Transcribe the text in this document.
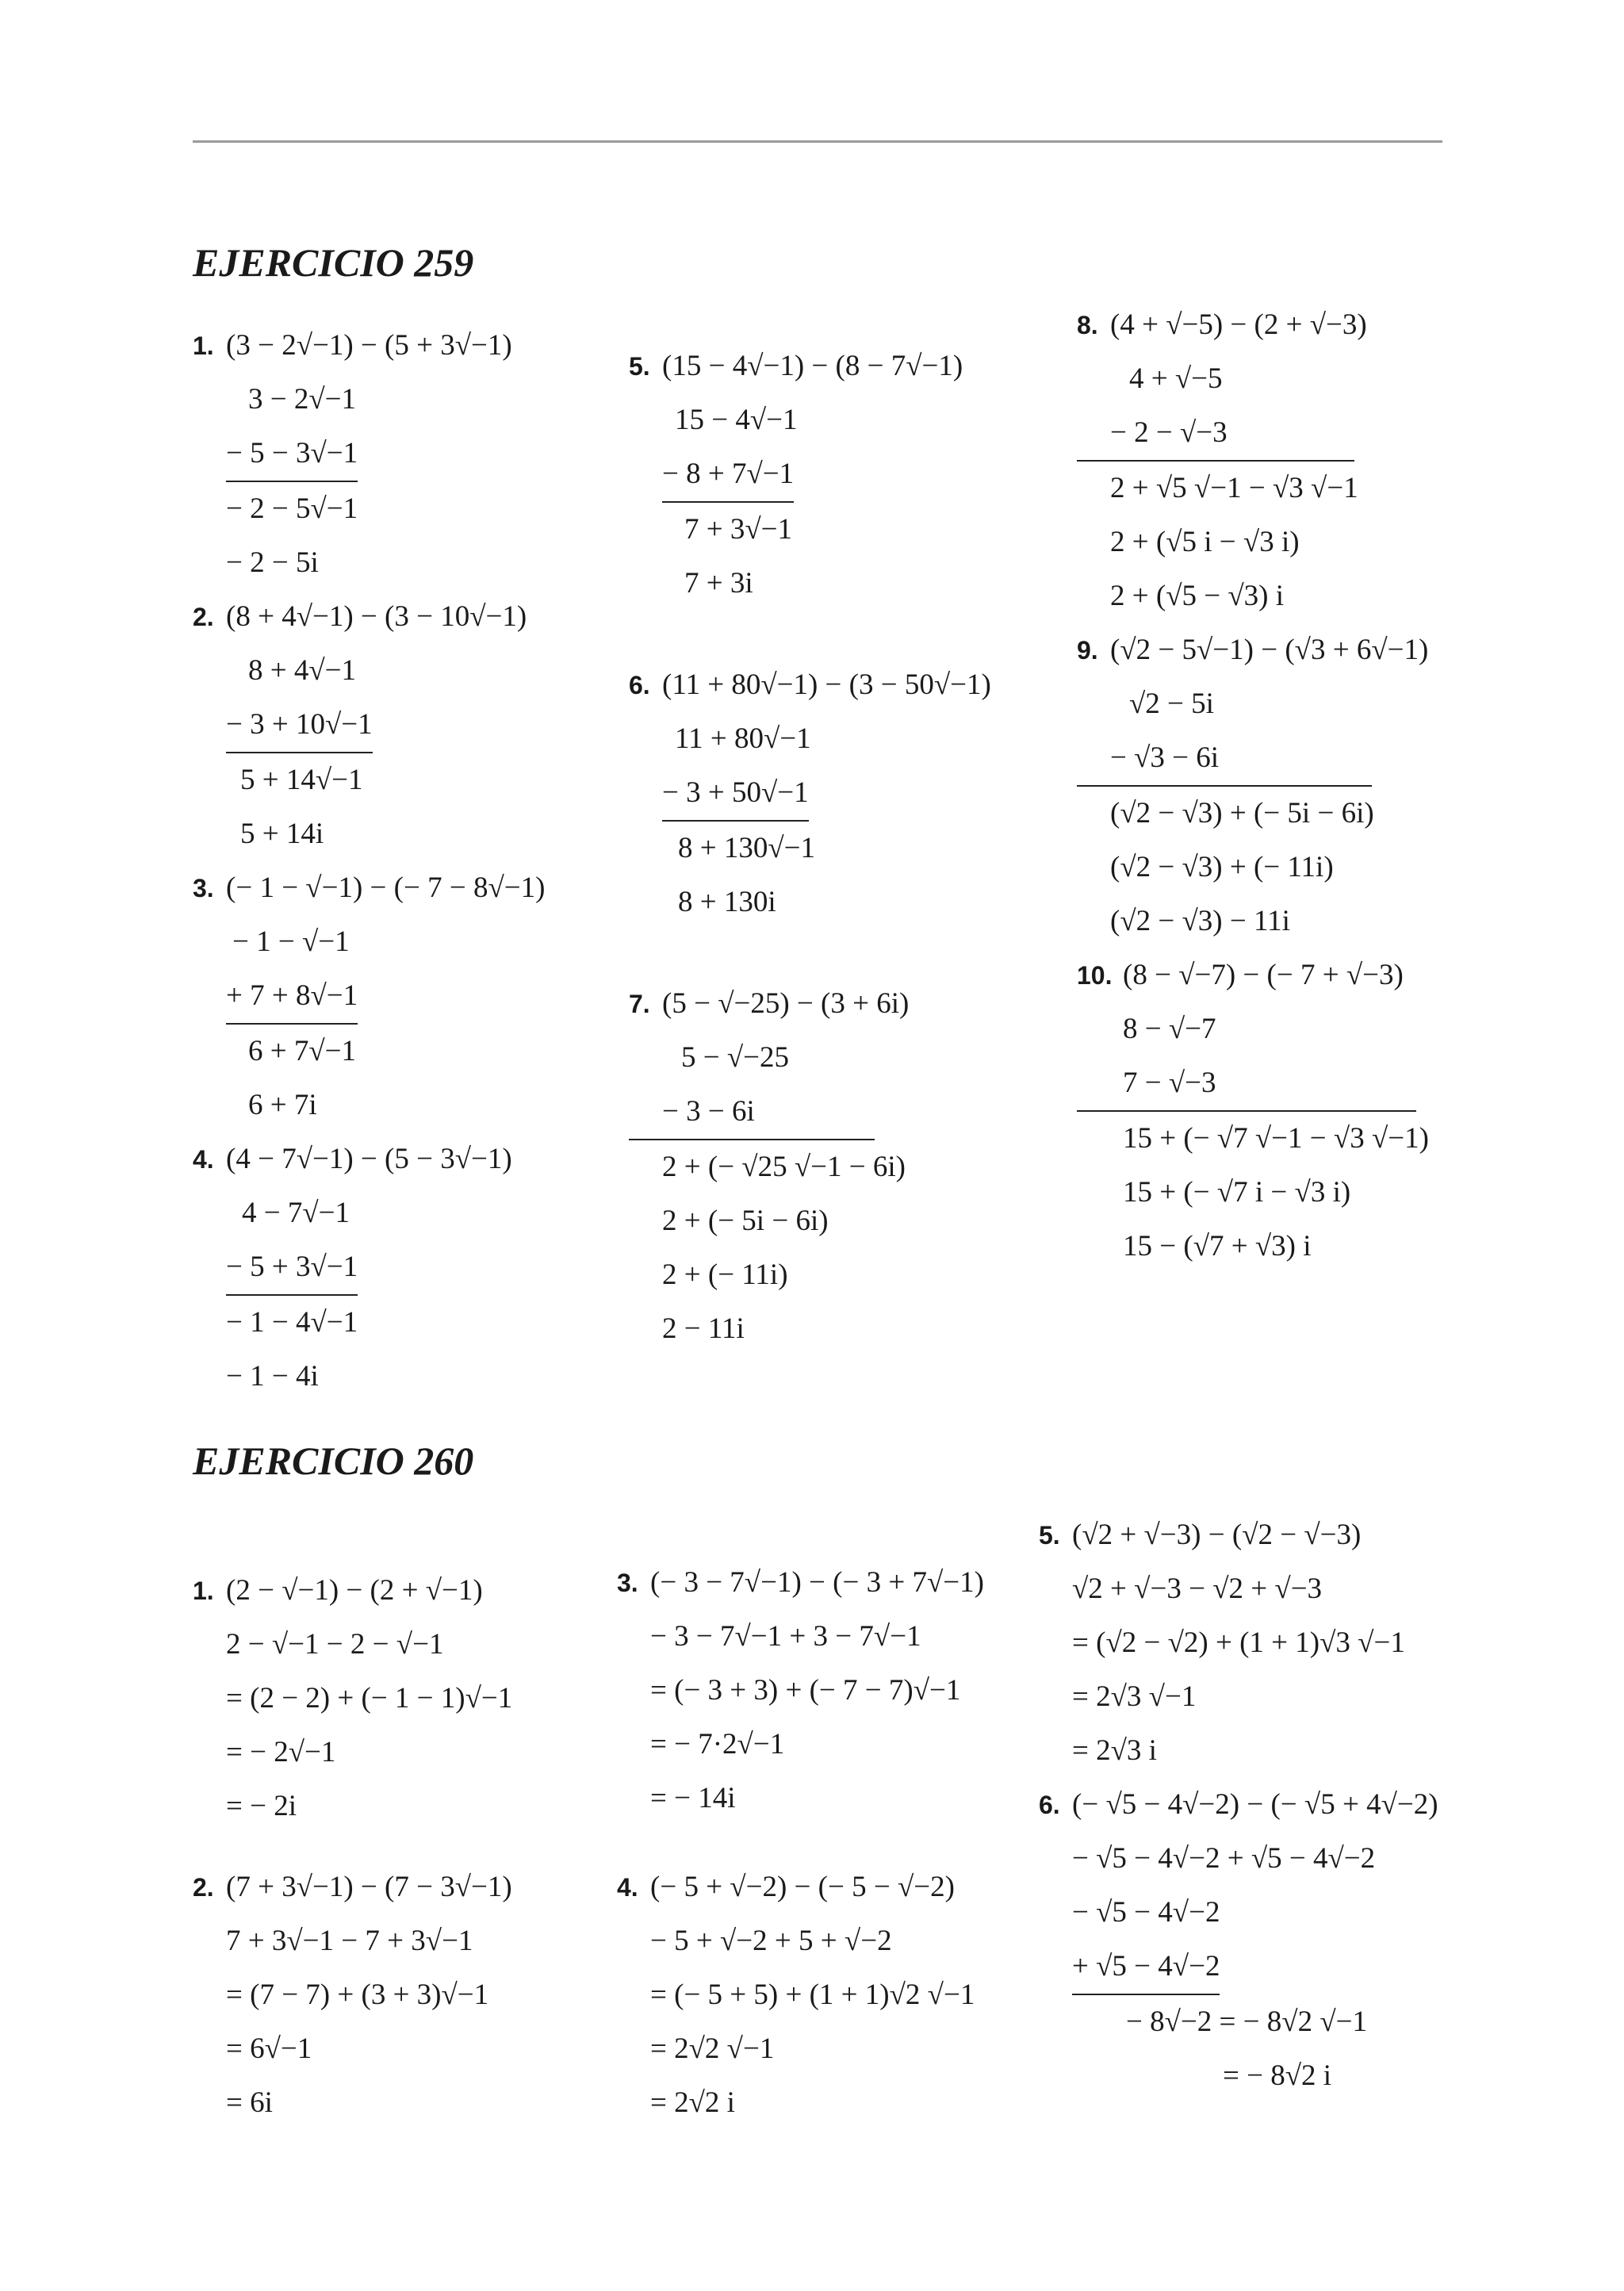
EJERCICIO 259
1. (3 − 2√−1) − (5 + 3√−1)
3 − 2√−1
− 5 − 3√−1
− 2 − 5√−1
− 2 − 5i
2. (8 + 4√−1) − (3 − 10√−1)
8 + 4√−1
− 3 + 10√−1
5 + 14√−1
5 + 14i
3. (− 1 − √−1) − (− 7 − 8√−1)
− 1 − √−1
+ 7 + 8√−1
6 + 7√−1
6 + 7i
4. (4 − 7√−1) − (5 − 3√−1)
4 − 7√−1
− 5 + 3√−1
− 1 − 4√−1
− 1 − 4i
5. (15 − 4√−1) − (8 − 7√−1)
15 − 4√−1
− 8 + 7√−1
7 + 3√−1
7 + 3i
6. (11 + 80√−1) − (3 − 50√−1)
11 + 80√−1
− 3 + 50√−1
8 + 130√−1
8 + 130i
7. (5 − √−25) − (3 + 6i)
5 − √−25
− 3 − 6i
2 + (− √25 √−1 − 6i)
2 + (− 5i − 6i)
2 + (− 11i)
2 − 11i
8. (4 + √−5) − (2 + √−3)
4 + √−5
− 2 − √−3
2 + √5 √−1 − √3 √−1
2 + (√5 i − √3 i)
2 + (√5 − √3) i
9. (√2 − 5√−1) − (√3 + 6√−1)
√2 − 5i
− √3 − 6i
(√2 − √3) + (− 5i − 6i)
(√2 − √3) + (− 11i)
(√2 − √3) − 11i
10. (8 − √−7) − (− 7 + √−3)
8 − √−7
7 − √−3
15 + (− √7 √−1 − √3 √−1)
15 + (− √7 i − √3 i)
15 − (√7 + √3) i
EJERCICIO 260
1. (2 − √−1) − (2 + √−1)
2 − √−1 − 2 − √−1
= (2 − 2) + (− 1 − 1)√−1
= − 2√−1
= − 2i
2. (7 + 3√−1) − (7 − 3√−1)
7 + 3√−1 − 7 + 3√−1
= (7 − 7) + (3 + 3)√−1
= 6√−1
= 6i
3. (− 3 − 7√−1) − (− 3 + 7√−1)
− 3 − 7√−1 + 3 − 7√−1
= (− 3 + 3) + (− 7 − 7)√−1
= − 7·2√−1
= − 14i
4. (− 5 + √−2) − (− 5 − √−2)
− 5 + √−2 + 5 + √−2
= (− 5 + 5) + (1 + 1)√2 √−1
= 2√2 √−1
= 2√2 i
5. (√2 + √−3) − (√2 − √−3)
√2 + √−3 − √2 + √−3
= (√2 − √2) + (1 + 1)√3 √−1
= 2√3 √−1
= 2√3 i
6. (− √5 − 4√−2) − (− √5 + 4√−2)
− √5 − 4√−2 + √5 − 4√−2
− √5 − 4√−2
+ √5 − 4√−2
− 8√−2 = − 8√2 √−1
= − 8√2 i
